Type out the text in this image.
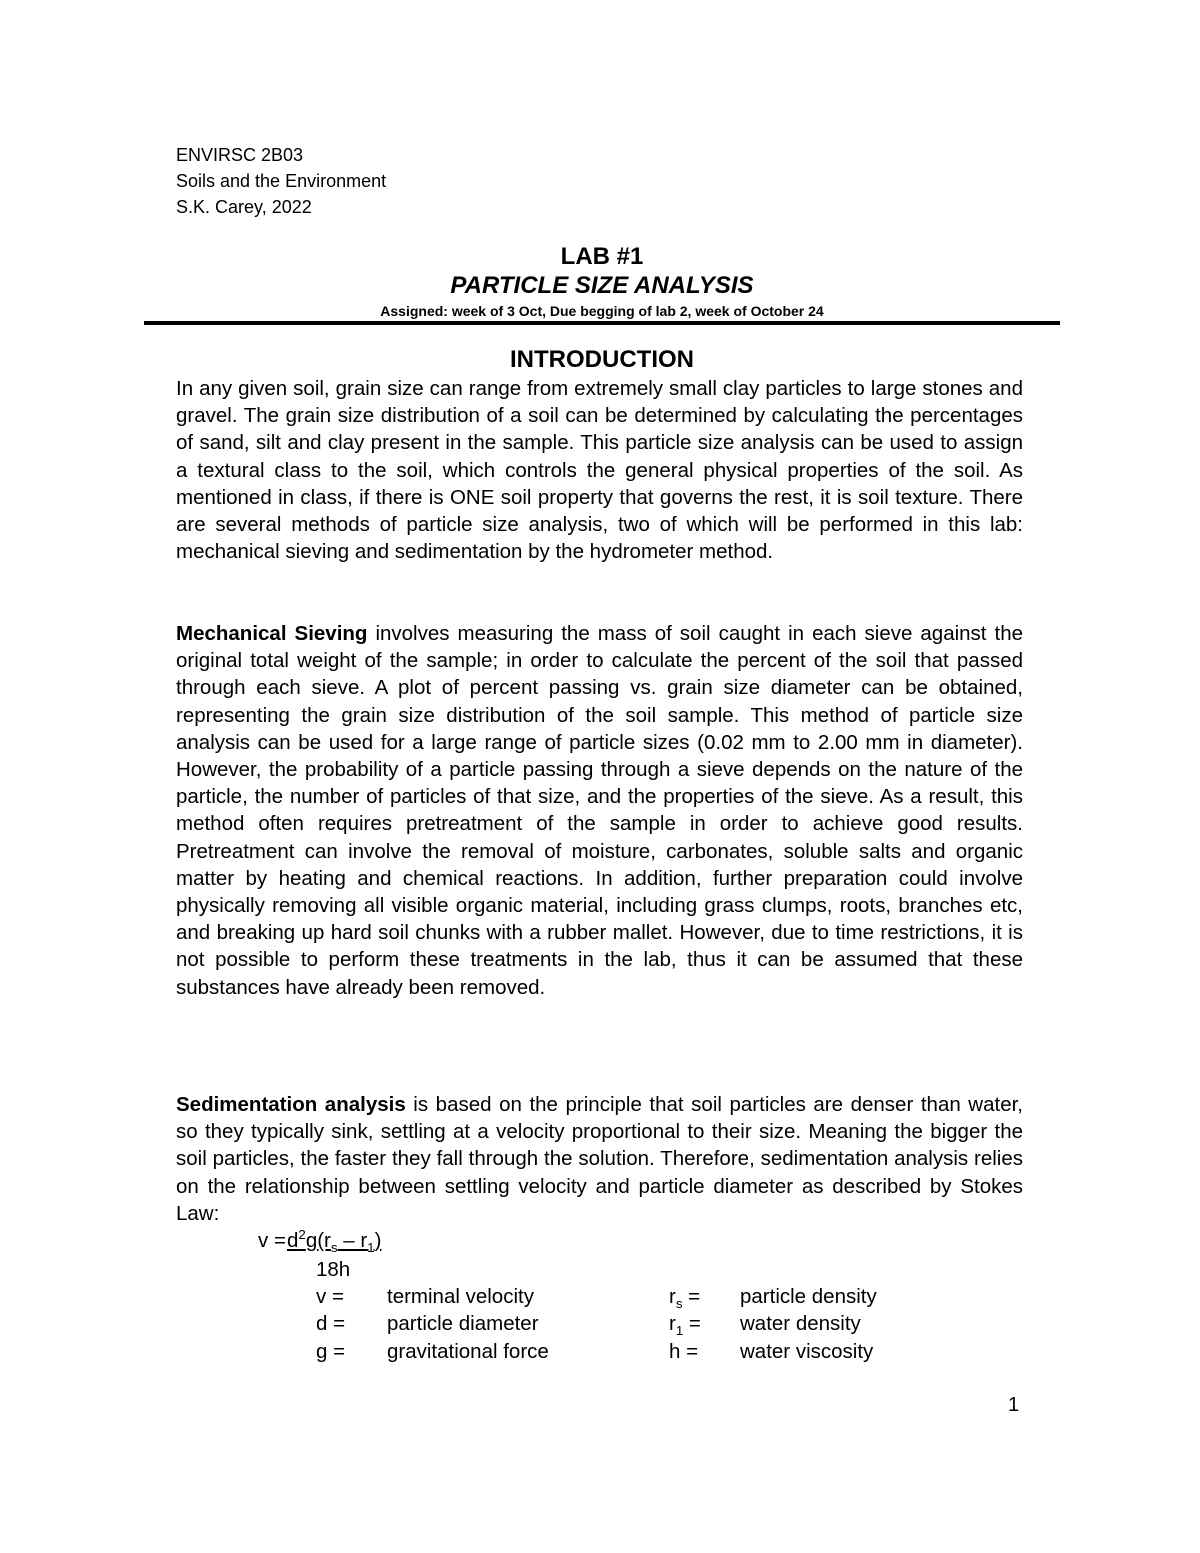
ENVIRSC 2B03
Soils and the Environment
S.K. Carey, 2022
LAB #1
PARTICLE SIZE ANALYSIS
Assigned: week of 3 Oct, Due begging of lab 2, week of October 24
INTRODUCTION

In any given soil, grain size can range from extremely small clay particles to large stones and gravel. The grain size distribution of a soil can be determined by calculating the percentages of sand, silt and clay present in the sample. This particle size analysis can be used to assign a textural class to the soil, which controls the general physical properties of the soil. As mentioned in class, if there is ONE soil property that governs the rest, it is soil texture. There are several methods of particle size analysis, two of which will be performed in this lab: mechanical sieving and sedimentation by the hydrometer method.

Mechanical Sieving involves measuring the mass of soil caught in each sieve against the original total weight of the sample; in order to calculate the percent of the soil that passed through each sieve. A plot of percent passing vs. grain size diameter can be obtained, representing the grain size distribution of the soil sample. This method of particle size analysis can be used for a large range of particle sizes (0.02 mm to 2.00 mm in diameter). However, the probability of a particle passing through a sieve depends on the nature of the particle, the number of particles of that size, and the properties of the sieve. As a result, this method often requires pretreatment of the sample in order to achieve good results. Pretreatment can involve the removal of moisture, carbonates, soluble salts and organic matter by heating and chemical reactions. In addition, further preparation could involve physically removing all visible organic material, including grass clumps, roots, branches etc, and breaking up hard soil chunks with a rubber mallet. However, due to time restrictions, it is not possible to perform these treatments in the lab, thus it can be assumed that these substances have already been removed.

Sedimentation analysis is based on the principle that soil particles are denser than water, so they typically sink, settling at a velocity proportional to their size. Meaning the bigger the soil particles, the faster they fall through the solution. Therefore, sedimentation analysis relies on the relationship between settling velocity and particle diameter as described by Stokes Law:

$v = d^2g(r_s - r_1)$
18h
v = terminal velocity
d = particle diameter
g = gravitational force
$r_s$ = particle density
$r_1$ = water density
h = water viscosity
1
